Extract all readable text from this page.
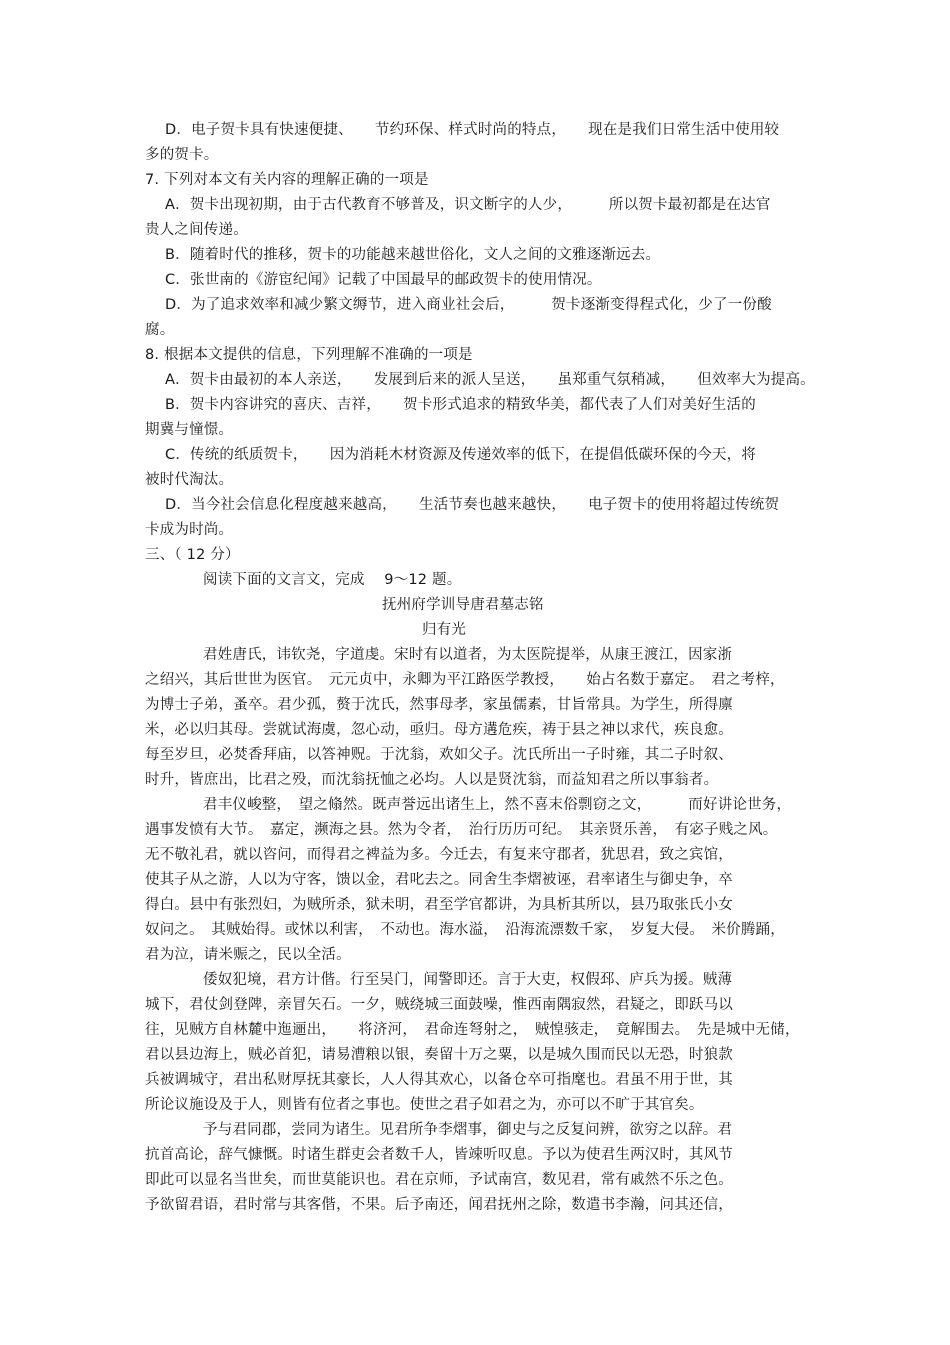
D．电子贺卡具有快速便捷、　　节约环保、样式时尚的特点，　　现在是我们日常生活中使用较
多的贺卡。
7. 下列对本文有关内容的理解正确的一项是
A．贺卡出现初期，由于古代教育不够普及，识文断字的人少，　　　所以贺卡最初都是在达官
贵人之间传递。
B．随着时代的推移，贺卡的功能越来越世俗化，文人之间的文雅逐渐远去。
C．张世南的《游宦纪闻》记载了中国最早的邮政贺卡的使用情况。
D．为了追求效率和减少繁文缛节，进入商业社会后，　　　贺卡逐渐变得程式化，少了一份酸
腐。
8. 根据本文提供的信息，下列理解不准确的一项是
A．贺卡由最初的本人亲送，　　发展到后来的派人呈送，　　虽郑重气氛稍减，　　但效率大为提高。
B．贺卡内容讲究的喜庆、吉祥，　　贺卡形式追求的精致华美，都代表了人们对美好生活的
期冀与憧憬。
C．传统的纸质贺卡，　　因为消耗木材资源及传递效率的低下，在提倡低碳环保的今天，将
被时代淘汰。
D．当今社会信息化程度越来越高，　　生活节奏也越来越快，　　电子贺卡的使用将超过传统贺
卡成为时尚。
三、（ 12 分）
阅读下面的文言文，完成　 9～12 题。
抚州府学训导唐君墓志铭
归有光
君姓唐氏，讳钦尧，字道虔。宋时有以道者，为太医院提举，从康王渡江，因家浙
之绍兴，其后世世为医官。　元元贞中，永卿为平江路医学教授，　　始占名数于嘉定。　君之考梓，
为博士子弟，蚤卒。君少孤，赘于沈氏，然事母孝，家虽儒素，甘旨常具。为学生，所得廪
米，必以归其母。尝就试海虞，忽心动，亟归。母方遘危疾，祷于县之神以求代，疾良愈。
每至岁旦，必焚香拜庙，以答神贶。于沈翁，欢如父子。沈氏所出一子时雍，其二子时叙、
时升，皆庶出，比君之殁，而沈翁抚恤之必均。人以是贤沈翁，而益知君之所以事翁者。
君丰仪峻整，　望之翛然。既声誉远出诸生上，然不喜末俗剽窃之文，　　　而好讲论世务，
遇事发愤有大节。　嘉定，濒海之县。然为令者，　治行历历可纪。　其亲贤乐善，　有宓子贱之风。
无不敬礼君，就以咨问，而得君之裨益为多。今迁去，有复来守郡者，犹思君，致之宾馆，
使其子从之游，人以为守客，馈以金，君叱去之。同舍生李熠被诬，君率诸生与御史争，卒
得白。县中有张烈妇，为贼所杀，狱未明，君至学官都讲，为具析其所以，县乃取张氏小女
奴问之。　其贼始得。或怵以利害，　不动也。海水溢，　沿海流漂数千家，　岁复大侵。　米价腾踊，
君为泣，请米赈之，民以全活。
倭奴犯境，君方计偕。行至吴门，闻警即还。言于大吏，权假邳、庐兵为援。贼薄
城下，君仗剑登陴，亲冒矢石。一夕，贼绕城三面鼓噪，惟西南隅寂然，君疑之，即跃马以
往，见贼方自林麓中迤逦出，　　将济河，　君命连弩射之，　贼惶骇走，　竟解围去。　先是城中无储，
君以县边海上，贼必首犯，请易漕粮以银，奏留十万之粟，以是城久围而民以无恐，时狼款
兵被调城守，君出私财厚抚其豪长，人人得其欢心，以备仓卒可指麾也。君虽不用于世，其
所论议施设及于人，则皆有位者之事也。使世之君子如君之为，亦可以不旷于其官矣。
予与君同郡，尝同为诸生。见君所争李熠事，御史与之反复问辨，欲穷之以辞。君
抗首高论，辞气慷慨。时诸生群吏会者数千人，皆竦听叹息。予以为使君生两汉时，其风节
即此可以显名当世矣，而世莫能识也。君在京师，予试南宫，数见君，常有戚然不乐之色。
予欲留君语，君时常与其客偕，不果。后予南还，闻君抚州之除，数遣书李瀚，问其还信，
